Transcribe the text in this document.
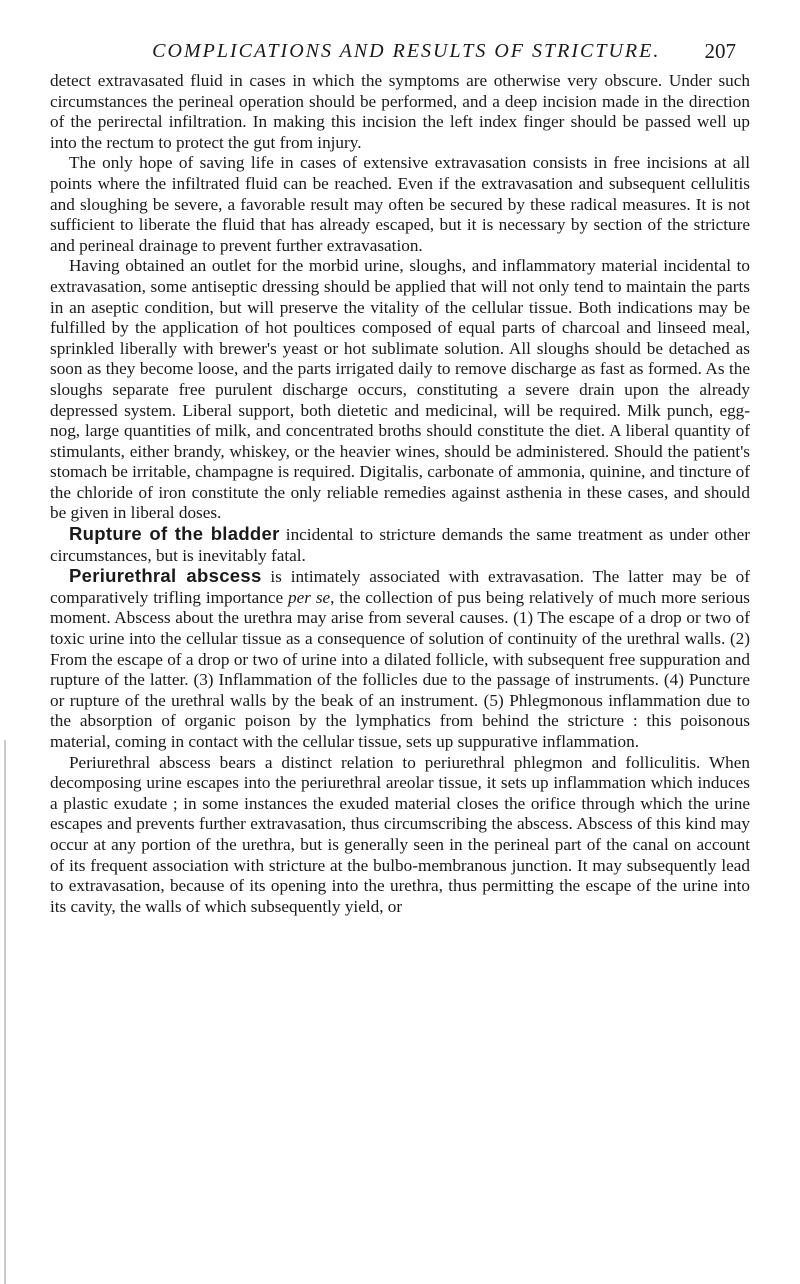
COMPLICATIONS AND RESULTS OF STRICTURE.	207

detect extravasated fluid in cases in which the symptoms are otherwise very obscure. Under such circumstances the perineal operation should be performed, and a deep incision made in the direction of the perirectal infiltration. In making this incision the left index finger should be passed well up into the rectum to protect the gut from injury.

The only hope of saving life in cases of extensive extravasation consists in free incisions at all points where the infiltrated fluid can be reached. Even if the extravasation and subsequent cellulitis and sloughing be severe, a favorable result may often be secured by these radical measures. It is not sufficient to liberate the fluid that has already escaped, but it is necessary by section of the stricture and perineal drainage to prevent further extravasation.

Having obtained an outlet for the morbid urine, sloughs, and inflammatory material incidental to extravasation, some antiseptic dressing should be applied that will not only tend to maintain the parts in an aseptic condition, but will preserve the vitality of the cellular tissue. Both indications may be fulfilled by the application of hot poultices composed of equal parts of charcoal and linseed meal, sprinkled liberally with brewer's yeast or hot sublimate solution. All sloughs should be detached as soon as they become loose, and the parts irrigated daily to remove discharge as fast as formed. As the sloughs separate free purulent discharge occurs, constituting a severe drain upon the already depressed system. Liberal support, both dietetic and medicinal, will be required. Milk punch, egg-nog, large quantities of milk, and concentrated broths should constitute the diet. A liberal quantity of stimulants, either brandy, whiskey, or the heavier wines, should be administered. Should the patient's stomach be irritable, champagne is required. Digitalis, carbonate of ammonia, quinine, and tincture of the chloride of iron constitute the only reliable remedies against asthenia in these cases, and should be given in liberal doses.

Rupture of the bladder incidental to stricture demands the same treatment as under other circumstances, but is inevitably fatal.

Periurethral abscess is intimately associated with extravasation. The latter may be of comparatively trifling importance per se, the collection of pus being relatively of much more serious moment. Abscess about the urethra may arise from several causes. (1) The escape of a drop or two of toxic urine into the cellular tissue as a consequence of solution of continuity of the urethral walls. (2) From the escape of a drop or two of urine into a dilated follicle, with subsequent free suppuration and rupture of the latter. (3) Inflammation of the follicles due to the passage of instruments. (4) Puncture or rupture of the urethral walls by the beak of an instrument. (5) Phlegmonous inflammation due to the absorption of organic poison by the lymphatics from behind the stricture : this poisonous material, coming in contact with the cellular tissue, sets up suppurative inflammation.

Periurethral abscess bears a distinct relation to periurethral phlegmon and folliculitis. When decomposing urine escapes into the periurethral areolar tissue, it sets up inflammation which induces a plastic exudate ; in some instances the exuded material closes the orifice through which the urine escapes and prevents further extravasation, thus circumscribing the abscess. Abscess of this kind may occur at any portion of the urethra, but is generally seen in the perineal part of the canal on account of its frequent association with stricture at the bulbo-membranous junction. It may subsequently lead to extravasation, because of its opening into the urethra, thus permitting the escape of the urine into its cavity, the walls of which subsequently yield, or
